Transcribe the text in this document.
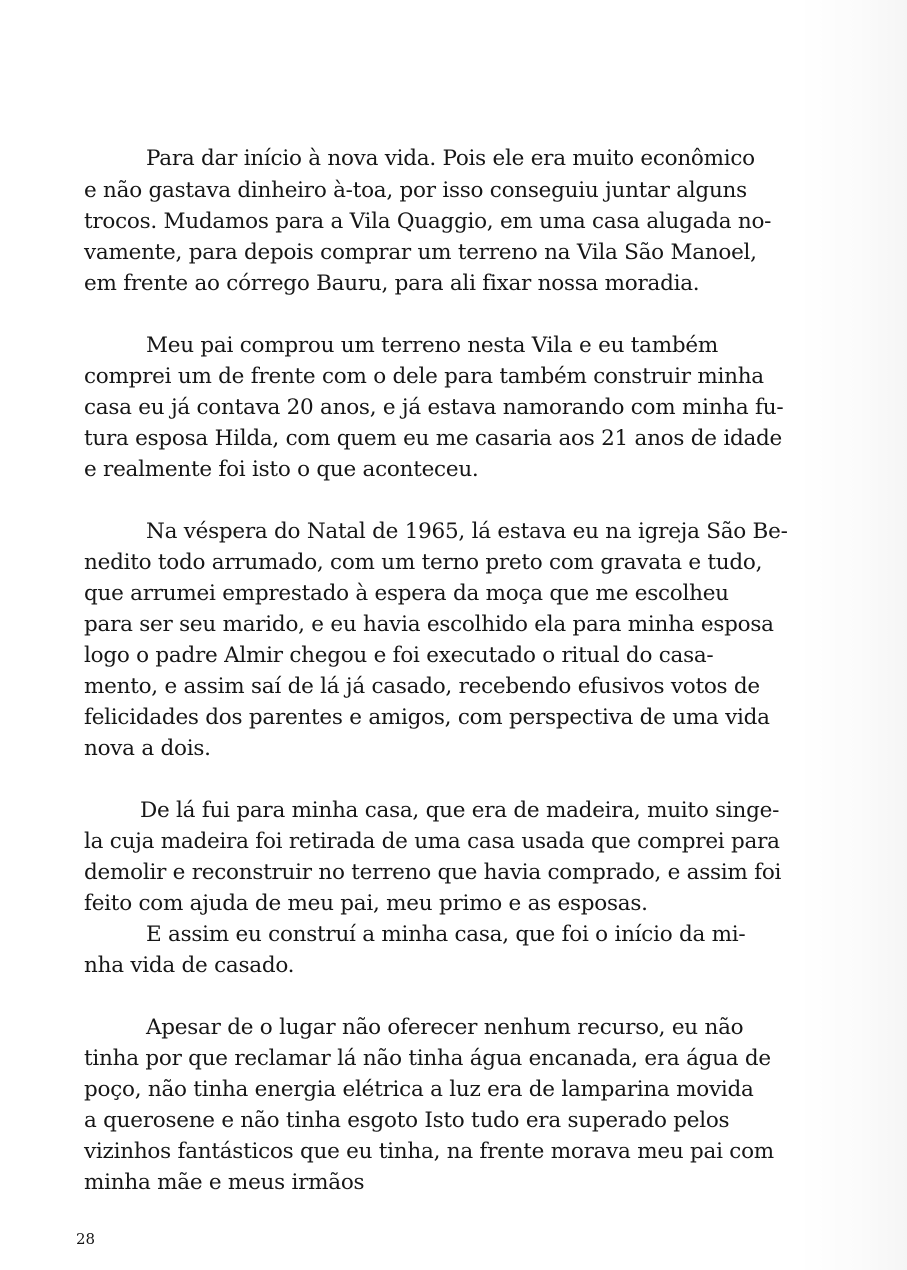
Para dar início à nova vida. Pois ele era muito econômico
e não gastava dinheiro à-toa, por isso conseguiu juntar alguns
trocos. Mudamos para a Vila Quaggio, em uma casa alugada no-
vamente, para depois comprar um terreno na Vila São Manoel,
em frente ao córrego Bauru, para ali fixar nossa moradia.
Meu pai comprou um terreno nesta Vila e eu também
comprei um de frente com o dele para também construir minha
casa eu já contava 20 anos, e já estava namorando com minha fu-
tura esposa Hilda, com quem eu me casaria aos 21 anos de idade
e realmente foi isto o que aconteceu.
Na véspera do Natal de 1965, lá estava eu na igreja São Be-
nedito todo arrumado, com um terno preto com gravata e tudo,
que arrumei emprestado à espera da moça que me escolheu
para ser seu marido, e eu havia escolhido ela para minha esposa
logo o padre Almir chegou e foi executado o ritual do casa-
mento, e assim saí de lá já casado, recebendo efusivos votos de
felicidades dos parentes e amigos, com perspectiva de uma vida
nova a dois.
De lá fui para minha casa, que era de madeira, muito singe-
la cuja madeira foi retirada de uma casa usada que comprei para
demolir e reconstruir no terreno que havia comprado, e assim foi
feito com ajuda de meu pai, meu primo e as esposas.
E assim eu construí a minha casa, que foi o início da mi-
nha vida de casado.
Apesar de o lugar não oferecer nenhum recurso, eu não
tinha por que reclamar lá não tinha água encanada, era água de
poço, não tinha energia elétrica a luz era de lamparina movida
a querosene e não tinha esgoto Isto tudo era superado pelos
vizinhos fantásticos que eu tinha, na frente morava meu pai com
minha mãe e meus irmãos
28
